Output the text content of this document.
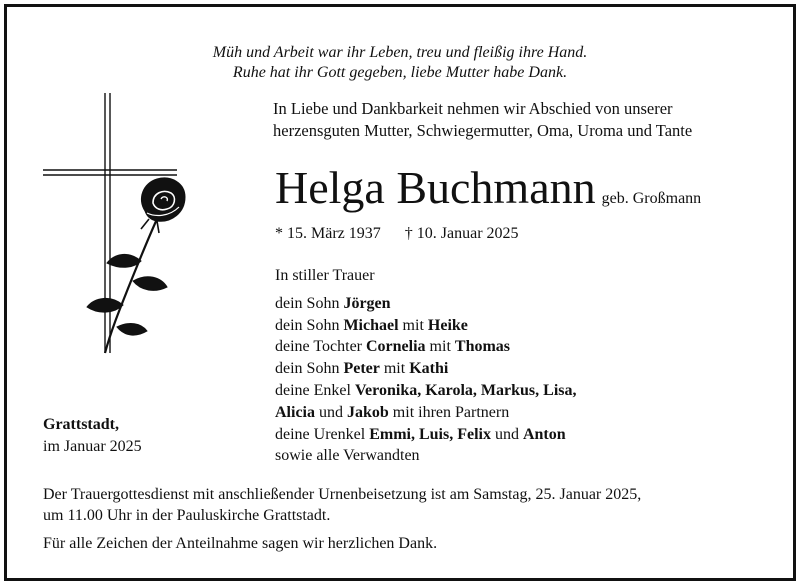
Müh und Arbeit war ihr Leben, treu und fleißig ihre Hand.
Ruhe hat ihr Gott gegeben, liebe Mutter habe Dank.
In Liebe und Dankbarkeit nehmen wir Abschied von unserer
herzensguten Mutter, Schwiegermutter, Oma, Uroma und Tante
Helga Buchmann geb. Großmann
* 15. März 1937 † 10. Januar 2025
In stiller Trauer
dein Sohn Jörgen
dein Sohn Michael mit Heike
deine Tochter Cornelia mit Thomas
dein Sohn Peter mit Kathi
deine Enkel Veronika, Karola, Markus, Lisa,
Alicia und Jakob mit ihren Partnern
deine Urenkel Emmi, Luis, Felix und Anton
sowie alle Verwandten
Grattstadt,
im Januar 2025
Der Trauergottesdienst mit anschließender Urnenbeisetzung ist am Samstag, 25. Januar 2025,
um 11.00 Uhr in der Pauluskirche Grattstadt.
Für alle Zeichen der Anteilnahme sagen wir herzlichen Dank.
